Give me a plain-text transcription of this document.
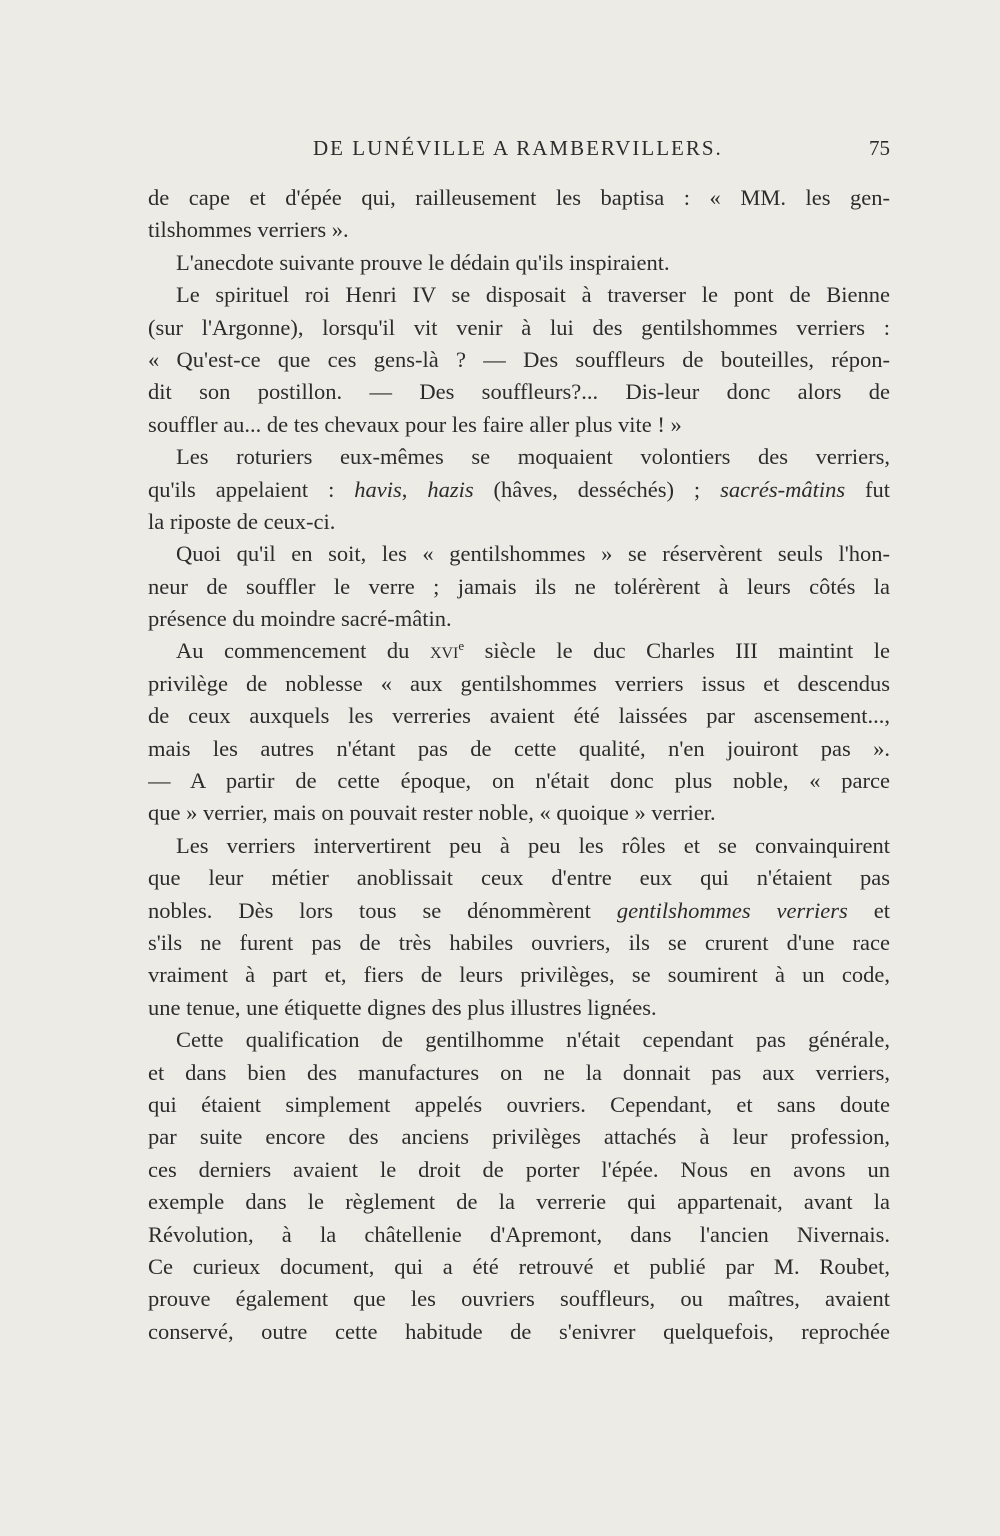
DE LUNÉVILLE A RAMBERVILLERS.	75
de cape et d'épée qui, railleusement les baptisa : « MM. les gen-
tilshommes verriers ».
L'anecdote suivante prouve le dédain qu'ils inspiraient.
Le spirituel roi Henri IV se disposait à traverser le pont de Bienne
(sur l'Argonne), lorsqu'il vit venir à lui des gentilshommes verriers :
« Qu'est-ce que ces gens-là ? — Des souffleurs de bouteilles, répon-
dit son postillon. — Des souffleurs?... Dis-leur donc alors de
souffler au... de tes chevaux pour les faire aller plus vite ! »
Les roturiers eux-mêmes se moquaient volontiers des verriers,
qu'ils appelaient : havis, hazis (hâves, desséchés) ; sacrés-mâtins fut
la riposte de ceux-ci.
Quoi qu'il en soit, les « gentilshommes » se réservèrent seuls l'hon-
neur de souffler le verre ; jamais ils ne tolérèrent à leurs côtés la
présence du moindre sacré-mâtin.
Au commencement du xvi$^e$ siècle le duc Charles III maintint le
privilège de noblesse « aux gentilshommes verriers issus et descendus
de ceux auxquels les verreries avaient été laissées par ascensement...,
mais les autres n'étant pas de cette qualité, n'en jouiront pas ».
— A partir de cette époque, on n'était donc plus noble, « parce
que » verrier, mais on pouvait rester noble, « quoique » verrier.
Les verriers intervertirent peu à peu les rôles et se convainquirent
que leur métier anoblissait ceux d'entre eux qui n'étaient pas
nobles. Dès lors tous se dénommèrent gentilshommes verriers et
s'ils ne furent pas de très habiles ouvriers, ils se crurent d'une race
vraiment à part et, fiers de leurs privilèges, se soumirent à un code,
une tenue, une étiquette dignes des plus illustres lignées.
Cette qualification de gentilhomme n'était cependant pas générale,
et dans bien des manufactures on ne la donnait pas aux verriers,
qui étaient simplement appelés ouvriers. Cependant, et sans doute
par suite encore des anciens privilèges attachés à leur profession,
ces derniers avaient le droit de porter l'épée. Nous en avons un
exemple dans le règlement de la verrerie qui appartenait, avant la
Révolution, à la châtellenie d'Apremont, dans l'ancien Nivernais.
Ce curieux document, qui a été retrouvé et publié par M. Roubet,
prouve également que les ouvriers souffleurs, ou maîtres, avaient
conservé, outre cette habitude de s'enivrer quelquefois, reprochée
